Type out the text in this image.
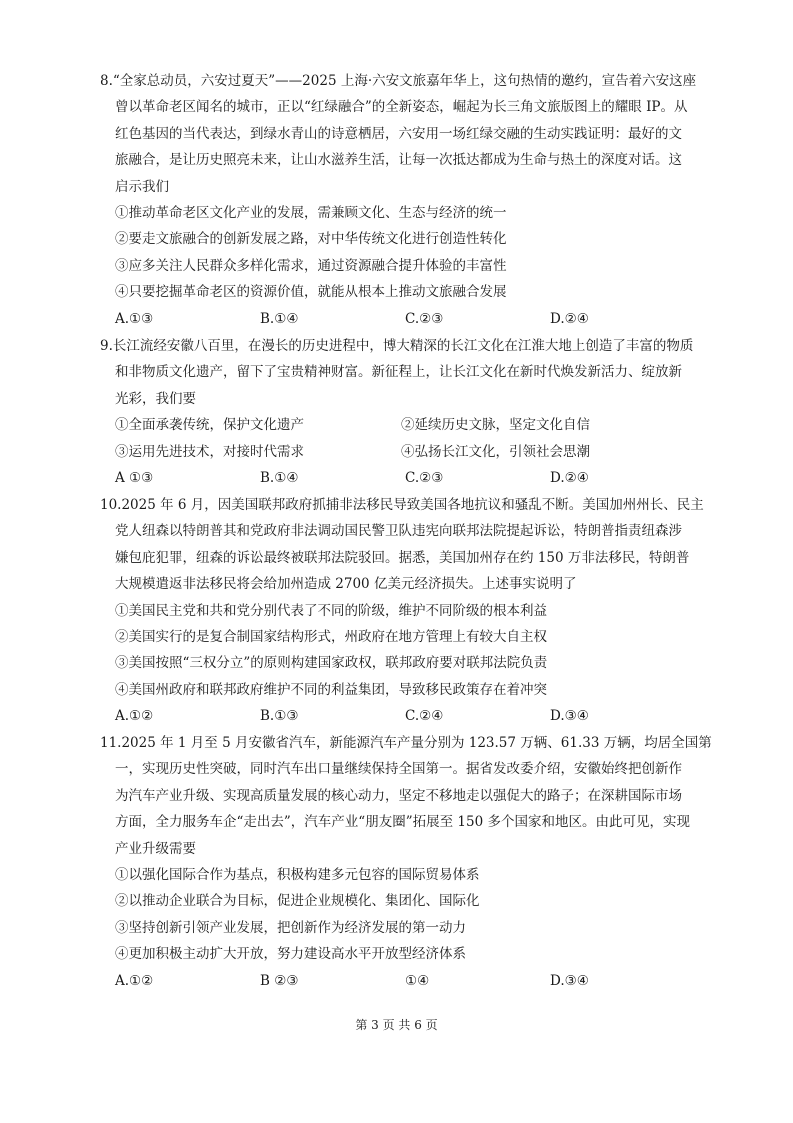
8.“全家总动员，六安过夏天”——2025 上海·六安文旅嘉年华上，这句热情的邀约，宣告着六安这座
曾以革命老区闻名的城市，正以“红绿融合”的全新姿态，崛起为长三角文旅版图上的耀眼 IP。从
红色基因的当代表达，到绿水青山的诗意栖居，六安用一场红绿交融的生动实践证明：最好的文
旅融合，是让历史照亮未来，让山水滋养生活，让每一次抵达都成为生命与热土的深度对话。这
启示我们

①推动革命老区文化产业的发展，需兼顾文化、生态与经济的统一

②要走文旅融合的创新发展之路，对中华传统文化进行创造性转化

③应多关注人民群众多样化需求，通过资源融合提升体验的丰富性

④只要挖掘革命老区的资源价值，就能从根本上推动文旅融合发展

A.①③	B.①④	C.②③	D.②④

9.长江流经安徽八百里，在漫长的历史进程中，博大精深的长江文化在江淮大地上创造了丰富的物质
和非物质文化遗产，留下了宝贵精神财富。新征程上，让长江文化在新时代焕发新活力、绽放新
光彩，我们要

①全面承袭传统，保护文化遗产	②延续历史文脉，坚定文化自信
③运用先进技术，对接时代需求	④弘扬长江文化，引领社会思潮
A ①③	B.①④	C.②③	D.②④

10.2025 年 6 月，因美国联邦政府抓捕非法移民导致美国各地抗议和骚乱不断。美国加州州长、民主
党人纽森以特朗普其和党政府非法调动国民警卫队违宪向联邦法院提起诉讼，特朗普指责纽森涉
嫌包庇犯罪，纽森的诉讼最终被联邦法院驳回。据悉，美国加州存在约 150 万非法移民，特朗普
大规模遣返非法移民将会给加州造成 2700 亿美元经济损失。上述事实说明了

①美国民主党和共和党分别代表了不同的阶级，维护不同阶级的根本利益

②美国实行的是复合制国家结构形式，州政府在地方管理上有较大自主权

③美国按照“三权分立”的原则构建国家政权，联邦政府要对联邦法院负责

④美国州政府和联邦政府维护不同的利益集团，导致移民政策存在着冲突

A.①②	B.①③	C.②④	D.③④

11.2025 年 1 月至 5 月安徽省汽车，新能源汽车产量分别为 123.57 万辆、61.33 万辆，均居全国第
一，实现历史性突破，同时汽车出口量继续保持全国第一。据省发改委介绍，安徽始终把创新作
为汽车产业升级、实现高质量发展的核心动力，坚定不移地走以强促大的路子；在深耕国际市场
方面，全力服务车企“走出去”，汽车产业“朋友圈”拓展至 150 多个国家和地区。由此可见，实现
产业升级需要

①以强化国际合作为基点，积极构建多元包容的国际贸易体系

②以推动企业联合为目标，促进企业规模化、集团化、国际化

③坚持创新引领产业发展，把创新作为经济发展的第一动力

④更加积极主动扩大开放，努力建设高水平开放型经济体系

A.①②	B ②③	①④	D.③④
第 3 页 共 6 页
